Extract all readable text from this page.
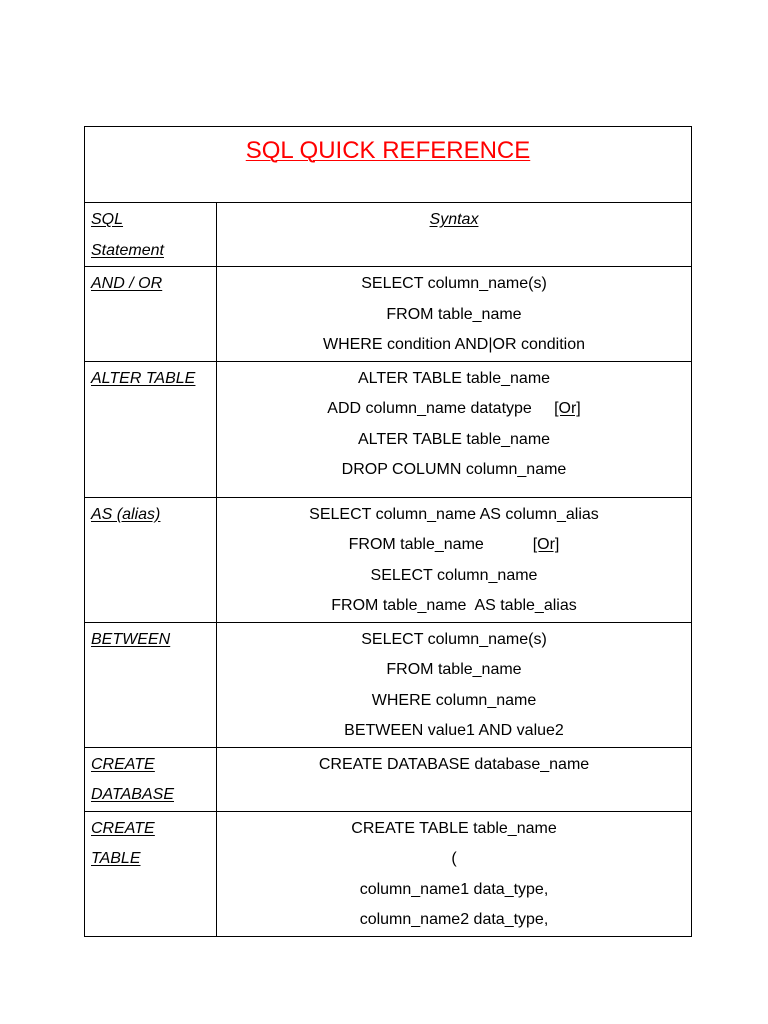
SQL QUICK REFERENCE	

SQL
Statement	Syntax

AND / OR	SELECT column_name(s)
FROM table_name
WHERE condition AND|OR condition

ALTER TABLE	ALTER TABLE table_name
ADD column_name datatype [Or]
ALTER TABLE table_name
DROP COLUMN column_name

AS (alias)	SELECT column_name AS column_alias
FROM table_name [Or]
SELECT column_name
FROM table_name  AS table_alias

BETWEEN	SELECT column_name(s)
FROM table_name
WHERE column_name
BETWEEN value1 AND value2

CREATE
DATABASE	CREATE DATABASE database_name

CREATE
TABLE	CREATE TABLE table_name
(
column_name1 data_type,
column_name2 data_type,
